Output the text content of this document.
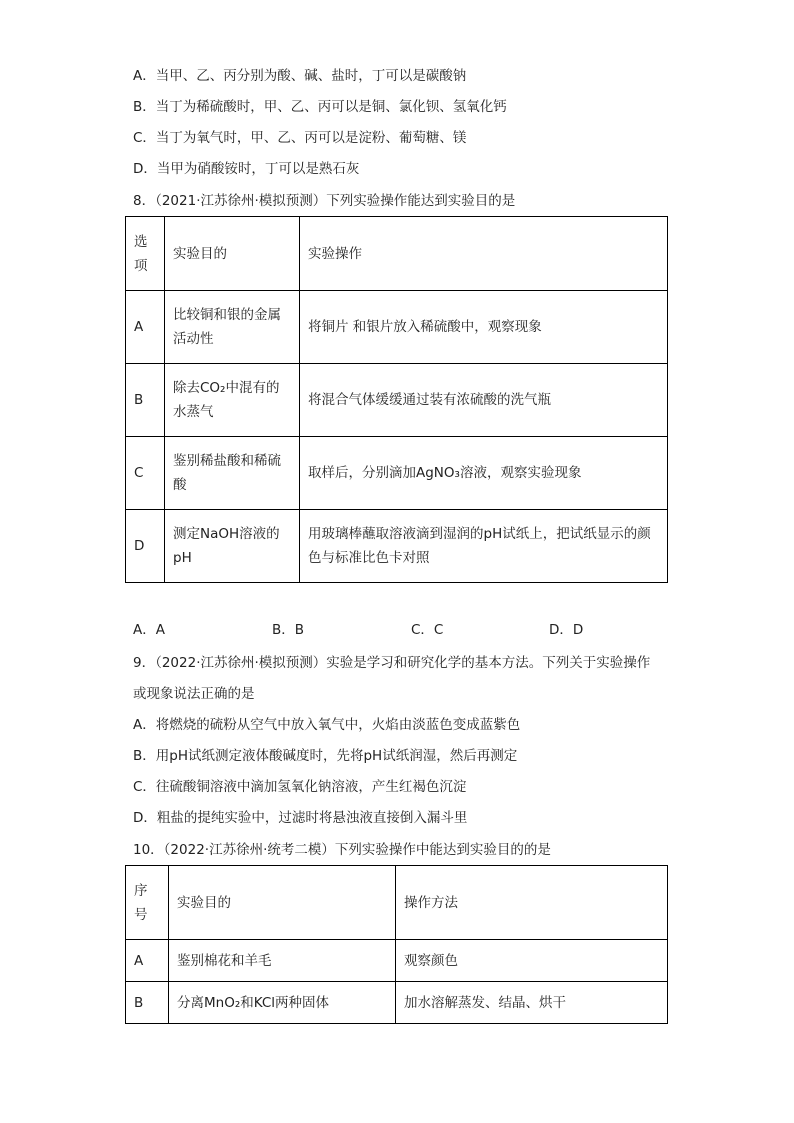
A．当甲、乙、丙分别为酸、碱、盐时，丁可以是碳酸钠
B．当丁为稀硫酸时，甲、乙、丙可以是铜、氯化钡、氢氧化钙
C．当丁为氧气时，甲、乙、丙可以是淀粉、葡萄糖、镁
D．当甲为硝酸铵时，丁可以是熟石灰
8．（2021·江苏徐州·模拟预测）下列实验操作能达到实验目的是
选项	实验目的	实验操作
A	比较铜和银的金属活动性	将铜片 和银片放入稀硫酸中，观察现象
B	除去CO₂中混有的水蒸气	将混合气体缓缓通过装有浓硫酸的洗气瓶
C	鉴别稀盐酸和稀硫酸	取样后，分别滴加AgNO₃溶液，观察实验现象
D	测定NaOH溶液的pH	用玻璃棒蘸取溶液滴到湿润的pH试纸上，把试纸显示的颜色与标准比色卡对照
A．A	B．B	C．C	D．D
9．（2022·江苏徐州·模拟预测）实验是学习和研究化学的基本方法。下列关于实验操作
或现象说法正确的是
A．将燃烧的硫粉从空气中放入氧气中，火焰由淡蓝色变成蓝紫色
B．用pH试纸测定液体酸碱度时，先将pH试纸润湿，然后再测定
C．往硫酸铜溶液中滴加氢氧化钠溶液，产生红褐色沉淀
D．粗盐的提纯实验中，过滤时将悬浊液直接倒入漏斗里
10．（2022·江苏徐州·统考二模）下列实验操作中能达到实验目的的是
序号	实验目的	操作方法
A	鉴别棉花和羊毛	观察颜色
B	分离MnO₂和KCl两种固体	加水溶解蒸发、结晶、烘干
